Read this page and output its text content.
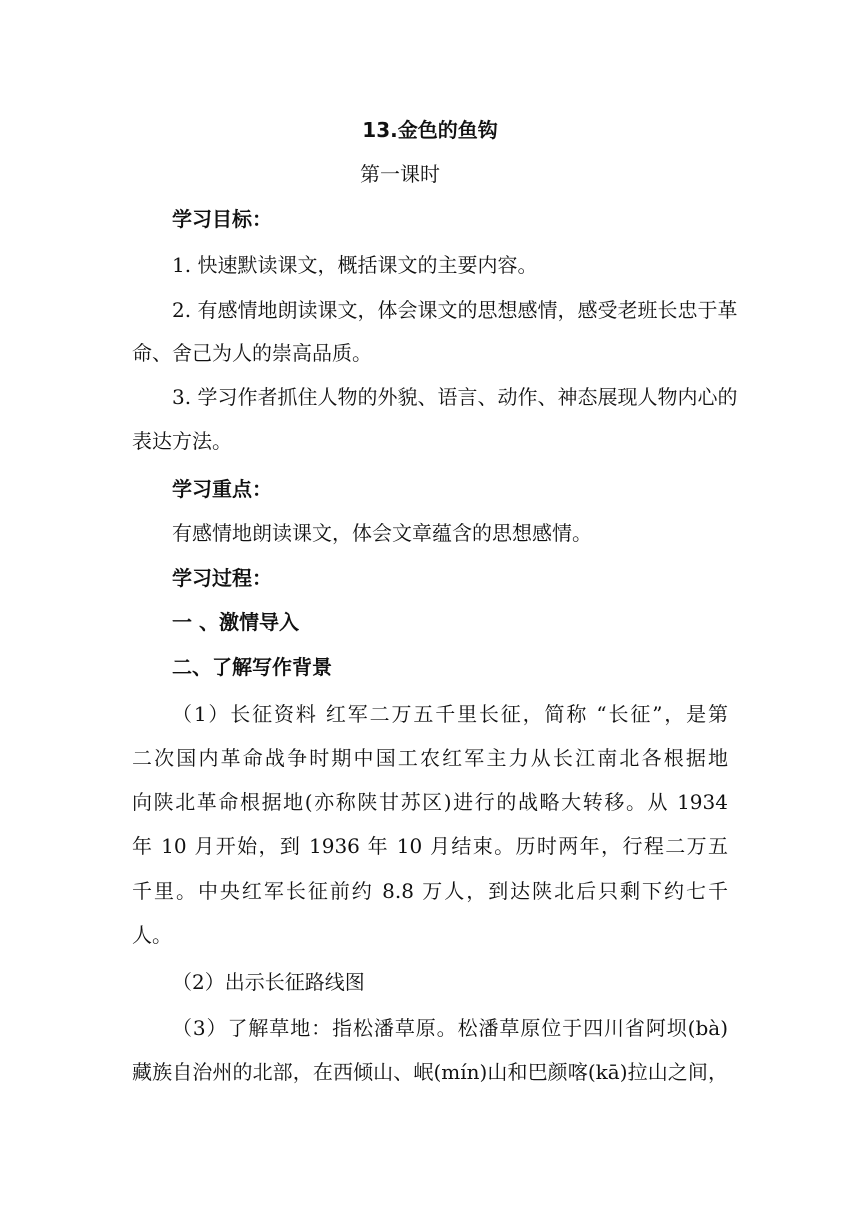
13.金色的鱼钩
第一课时
学习目标：
1. 快速默读课文，概括课文的主要内容。
2. 有感情地朗读课文，体会课文的思想感情，感受老班长忠于革
命、舍己为人的崇高品质。
3. 学习作者抓住人物的外貌、语言、动作、神态展现人物内心的
表达方法。
学习重点：
有感情地朗读课文，体会文章蕴含的思想感情。
学习过程：
一 、激情导入
二、了解写作背景
（1）长征资料 红军二万五千里长征，简称 “长征”，是第
二次国内革命战争时期中国工农红军主力从长江南北各根据地
向陕北革命根据地(亦称陕甘苏区)进行的战略大转移。从 1934
年 10 月开始，到 1936 年 10 月结束。历时两年，行程二万五
千里。中央红军长征前约 8.8 万人，到达陕北后只剩下约七千
人。
（2）出示长征路线图
（3）了解草地：指松潘草原。松潘草原位于四川省阿坝(bà)
藏族自治州的北部，在西倾山、岷(mín)山和巴颜喀(kā)拉山之间，
